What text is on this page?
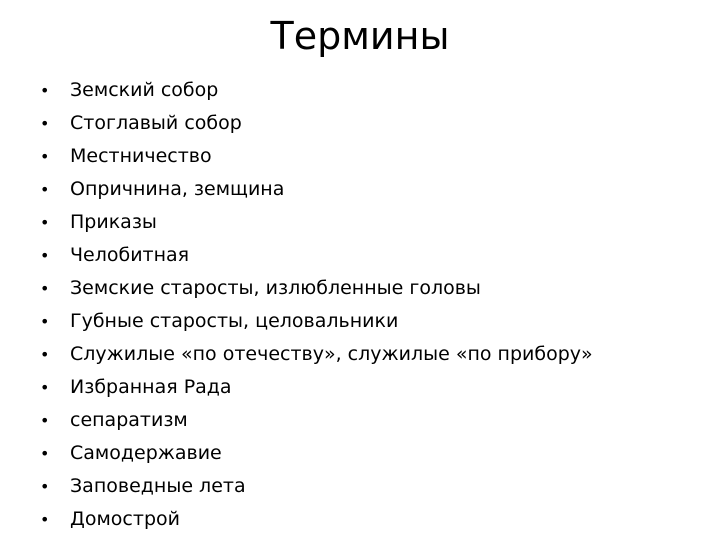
Термины
•	Земский собор
•	Стоглавый собор
•	Местничество
•	Опричнина, земщина
•	Приказы
•	Челобитная
•	Земские старосты, излюбленные головы
•	Губные старосты, целовальники
•	Служилые «по отечеству», служилые «по прибору»
•	Избранная Рада
•	сепаратизм
•	Самодержавие
•	Заповедные лета
•	Домострой
